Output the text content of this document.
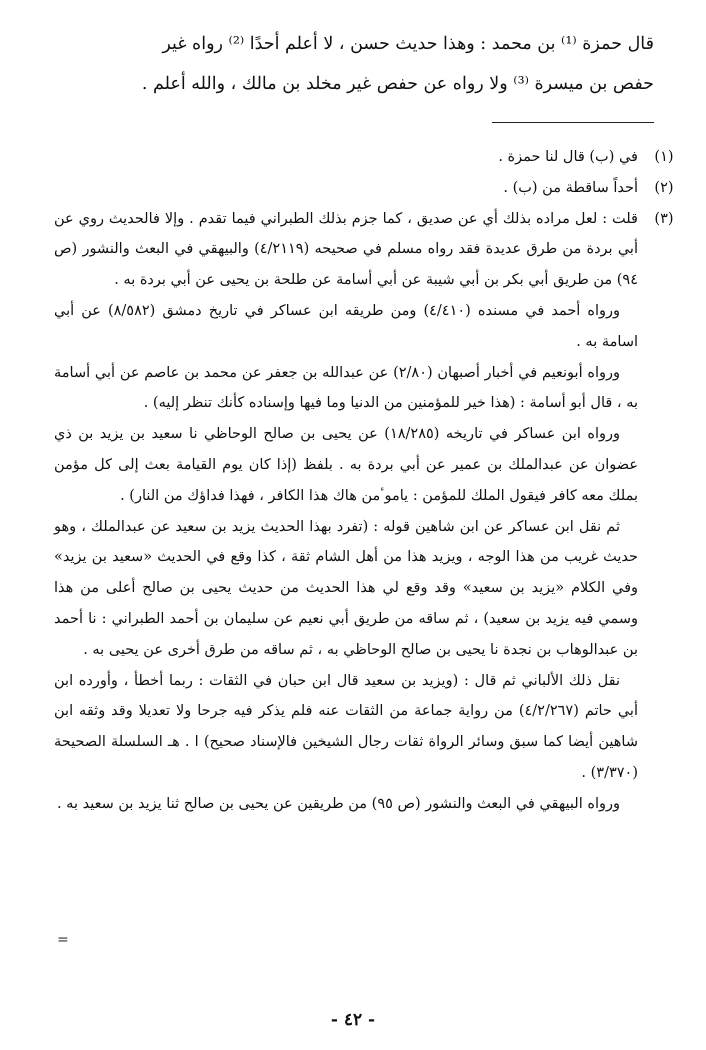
قال حمزة ⁽¹⁾ بن محمد : وهذا حديث حسن ، لا أعلم أحدًا ⁽²⁾ رواه غير

حفص بن ميسرة ⁽³⁾ ولا رواه عن حفص غير مخلد بن مالك ، والله أعلم .

(١)

في (ب) قال لنا حمزة .

(٢)

أحداً ساقطة من (ب) .

(٣)

قلت : لعل مراده بذلك أي عن صديق ، كما جزم بذلك الطبراني فيما تقدم . وإلا فالحديث روي عن أبي بردة من طرق عديدة فقد رواه مسلم في صحيحه (٤/٢١١٩) والبيهقي في البعث والنشور (ص ٩٤) من طريق أبي بكر بن أبي شيبة عن أبي أسامة عن طلحة بن يحيى عن أبي بردة به .

ورواه أحمد في مسنده (٤/٤١٠) ومن طريقه ابن عساكر في تاريخ دمشق (٨/٥٨٢) عن أبي اسامة به .

ورواه أبونعيم في أخبار أصبهان (٢/٨٠) عن عبدالله بن جعفر عن محمد بن عاصم عن أبي أسامة به ، قال أبو أسامة : (هذا خير للمؤمنين من الدنيا وما فيها وإسناده كأنك تنظر إليه) .

ورواه ابن عساكر في تاريخه (١٨/٢٨٥) عن يحيى بن صالح الوحاظي نا سعيد بن يزيد بن ذي عضوان عن عبدالملك بن عمير عن أبي بردة به . بلفظ (إذا كان يوم القيامة بعث إلى كل مؤمن بملك معه كافر فيقول الملك للمؤمن : ياموٴمن هاك هذا الكافر ، فهذا فداؤك من النار) .

ثم نقل ابن عساكر عن ابن شاهين قوله : (تفرد بهذا الحديث يزيد بن سعيد عن عبدالملك ، وهو حديث غريب من هذا الوجه ، ويزيد هذا من أهل الشام ثقة ، كذا وقع في الحديث «سعيد بن يزيد» وفي الكلام «يزيد بن سعيد» وقد وقع لي هذا الحديث من حديث يحيى بن صالح أعلى من هذا وسمي فيه يزيد بن سعيد) ، ثم ساقه من طريق أبي نعيم عن سليمان بن أحمد الطبراني : نا أحمد بن عبدالوهاب بن نجدة نا يحيى بن صالح الوحاظي به ، ثم ساقه من طرق أخرى عن يحيى به .

نقل ذلك الألباني ثم قال : (ويزيد بن سعيد قال ابن حبان في الثقات : ربما أخطأ ، وأورده ابن أبي حاتم (٤/٢/٢٦٧) من رواية جماعة من الثقات عنه فلم يذكر فيه جرحا ولا تعديلا وقد وثقه ابن شاهين أيضا كما سبق وسائر الرواة ثقات رجال الشيخين فالإسناد صحيح) ا . هـ السلسلة الصحيحة (٣/٣٧٠) .

ورواه البيهقي في البعث والنشور (ص ٩٥) من طريقين عن يحيى بن صالح ثنا يزيد بن سعيد به .

=
- ٤٢ -
